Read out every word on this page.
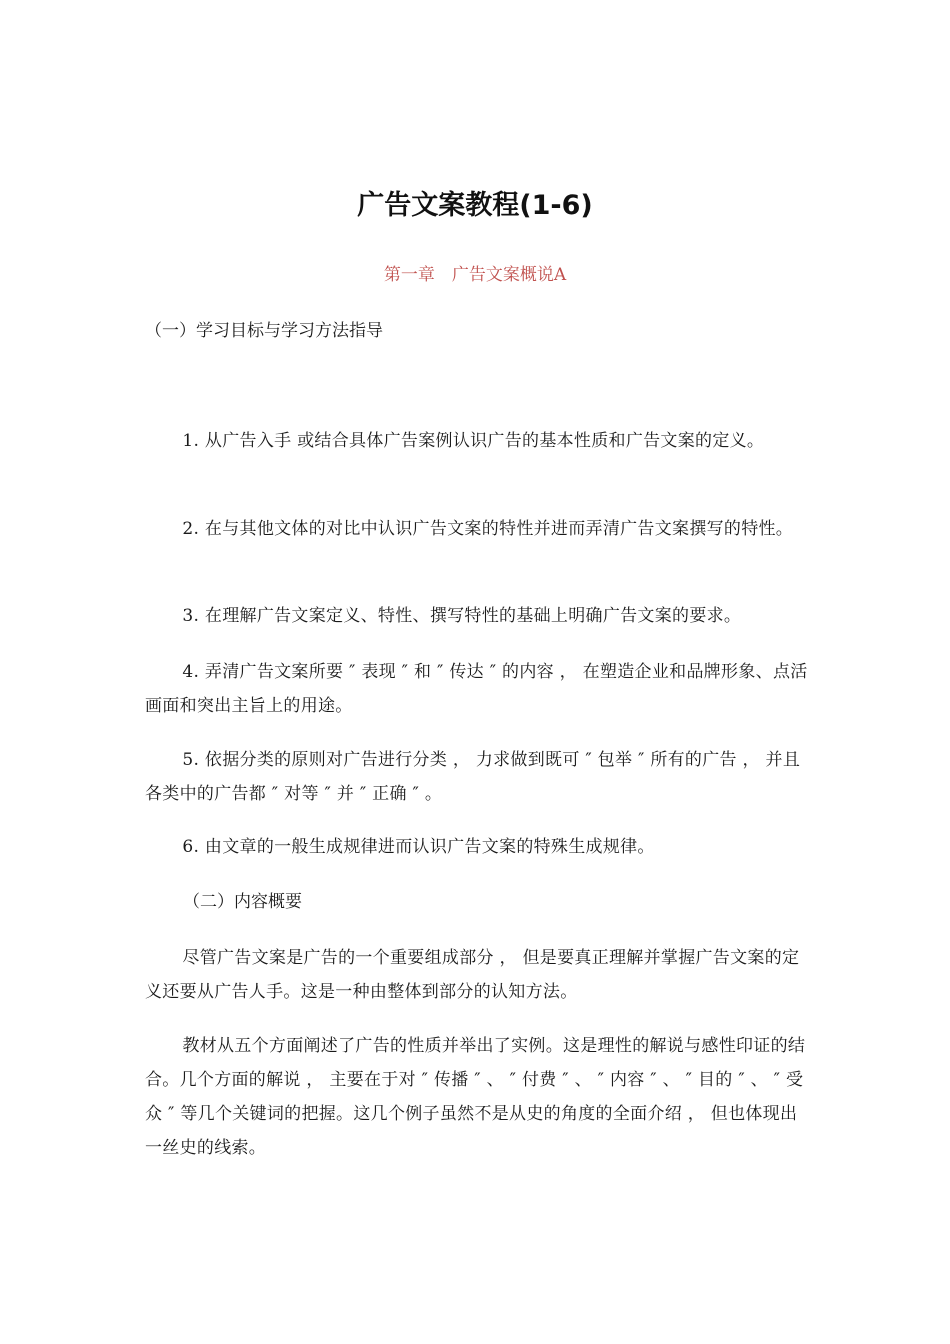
广告文案教程(1-6)
第一章　广告文案概说A
（一）学习目标与学习方法指导
1. 从广告入手 或结合具体广告案例认识广告的基本性质和广告文案的定义。
2. 在与其他文体的对比中认识广告文案的特性并进而弄清广告文案撰写的特性。
3. 在理解广告文案定义、特性、撰写特性的基础上明确广告文案的要求。
4. 弄清广告文案所要 ″ 表现 ″ 和 ″ 传达 ″ 的内容 ， 在塑造企业和品牌形象、点活画面和突出主旨上的用途。
5. 依据分类的原则对广告进行分类 ， 力求做到既可 ″ 包举 ″ 所有的广告 ， 并且各类中的广告都 ″ 对等 ″ 并 ″ 正确 ″ 。
6. 由文章的一般生成规律进而认识广告文案的特殊生成规律。
（二）内容概要
尽管广告文案是广告的一个重要组成部分 ， 但是要真正理解并掌握广告文案的定义还要从广告人手。这是一种由整体到部分的认知方法。
教材从五个方面阐述了广告的性质并举出了实例。这是理性的解说与感性印证的结合。几个方面的解说 ， 主要在于对 ″ 传播 ″ 、 ″ 付费 ″ 、 ″ 内容 ″ 、 ″ 目的 ″ 、 ″ 受众 ″ 等几个关键词的把握。这几个例子虽然不是从史的角度的全面介绍 ， 但也体现出一丝史的线索。
